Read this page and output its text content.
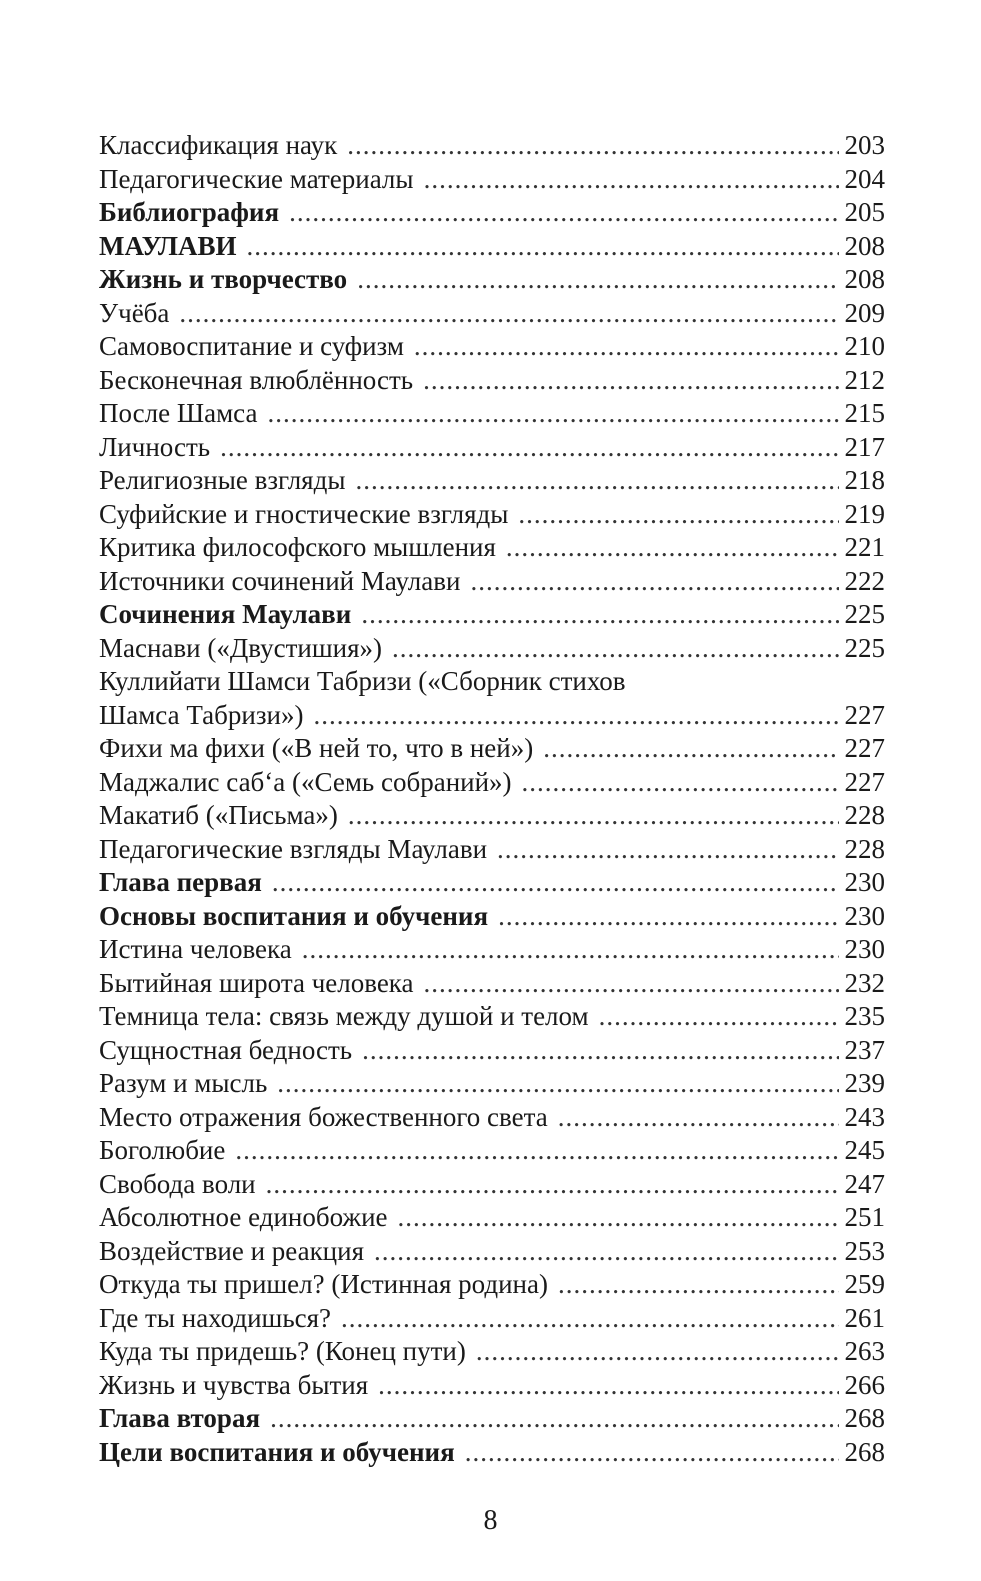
Классификация наук .....	203
Педагогические материалы .....	204
Библиография .....	205
МАУЛАВИ .....	208
Жизнь и творчество .....	208
Учёба .....	209
Самовоспитание и суфизм .....	210
Бесконечная влюблённость .....	212
После Шамса .....	215
Личность .....	217
Религиозные взгляды .....	218
Суфийские и гностические взгляды .....	219
Критика философского мышления .....	221
Источники сочинений Маулави .....	222
Сочинения Маулави .....	225
Маснави («Двустишия») .....	225
Куллийати Шамси Табризи («Сборник стихов
Шамса Табризи») .....	227
Фихи ма фихи («В ней то, что в ней») .....	227
Маджалис саб‘а («Семь собраний») .....	227
Макатиб («Письма») .....	228
Педагогические взгляды Маулави .....	228
Глава первая .....	230
Основы воспитания и обучения .....	230
Истина человека .....	230
Бытийная широта человека .....	232
Темница тела: связь между душой и телом .....	235
Сущностная бедность .....	237
Разум и мысль .....	239
Место отражения божественного света .....	243
Боголюбие .....	245
Свобода воли .....	247
Абсолютное единобожие .....	251
Воздействие и реакция .....	253
Откуда ты пришел? (Истинная родина) .....	259
Где ты находишься? .....	261
Куда ты придешь? (Конец пути) .....	263
Жизнь и чувства бытия .....	266
Глава вторая .....	268
Цели воспитания и обучения .....	268
8
